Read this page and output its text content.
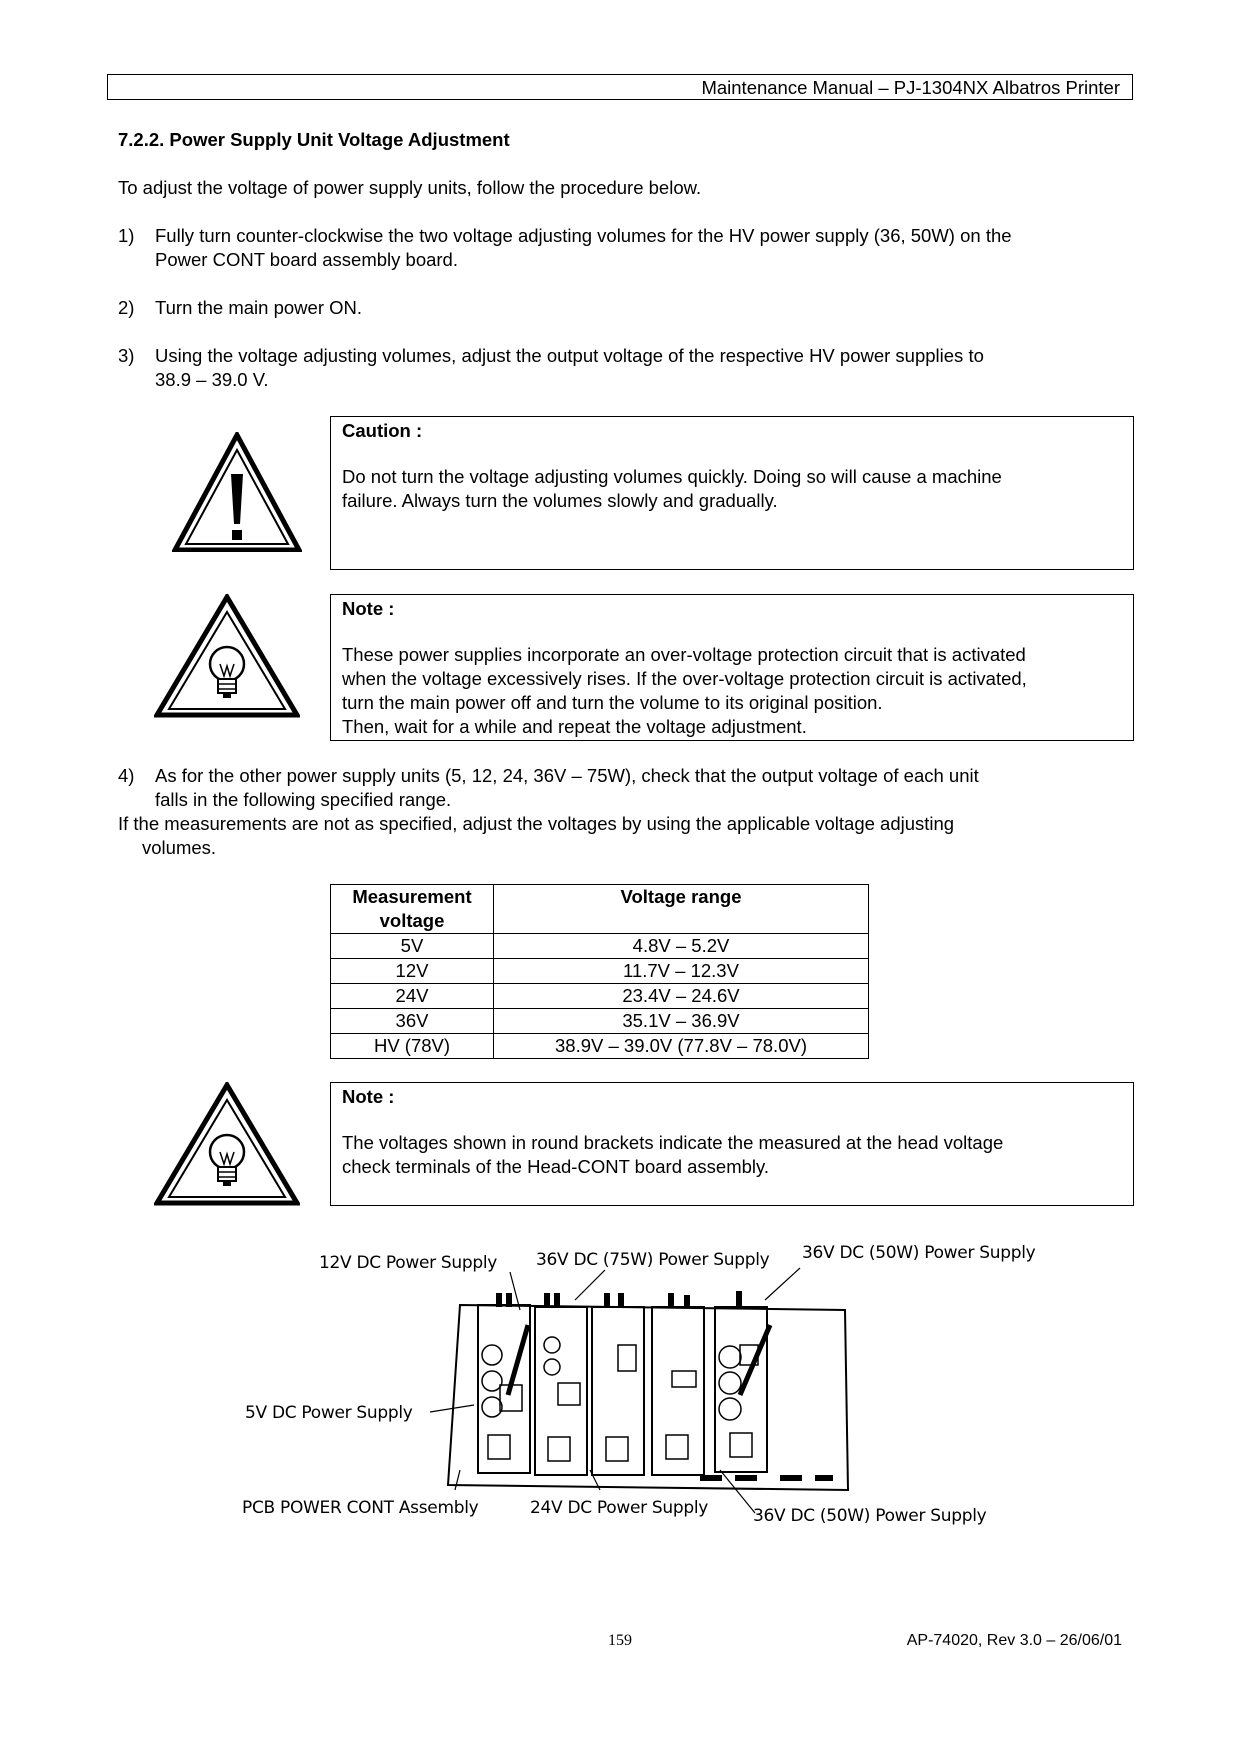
Maintenance Manual – PJ-1304NX Albatros Printer
7.2.2. Power Supply Unit Voltage Adjustment
To adjust the voltage of power supply units, follow the procedure below.
1) Fully turn counter-clockwise the two voltage adjusting volumes for the HV power supply (36, 50W) on the
Power CONT board assembly board.
2) Turn the main power ON.
3) Using the voltage adjusting volumes, adjust the output voltage of the respective HV power supplies to
38.9 – 39.0 V.
Caution :
Do not turn the voltage adjusting volumes quickly. Doing so will cause a machine
failure. Always turn the volumes slowly and gradually.
Note :
These power supplies incorporate an over-voltage protection circuit that is activated
when the voltage excessively rises. If the over-voltage protection circuit is activated,
turn the main power off and turn the volume to its original position.
Then, wait for a while and repeat the voltage adjustment.
4) As for the other power supply units (5, 12, 24, 36V – 75W), check that the output voltage of each unit
falls in the following specified range.
If the measurements are not as specified, adjust the voltages by using the applicable voltage adjusting
volumes.
Measurement
voltage	Voltage range
5V	4.8V – 5.2V
12V	11.7V – 12.3V
24V	23.4V – 24.6V
36V	35.1V – 36.9V
HV (78V)	38.9V – 39.0V (77.8V – 78.0V)
Note :
The voltages shown in round brackets indicate the measured at the head voltage
check terminals of the Head-CONT board assembly.
12V DC Power Supply 36V DC (75W) Power Supply 36V DC (50W) Power Supply
5V DC Power Supply
PCB POWER CONT Assembly	24V DC Power Supply	36V DC (50W) Power Supply
159	AP-74020, Rev 3.0 – 26/06/01
